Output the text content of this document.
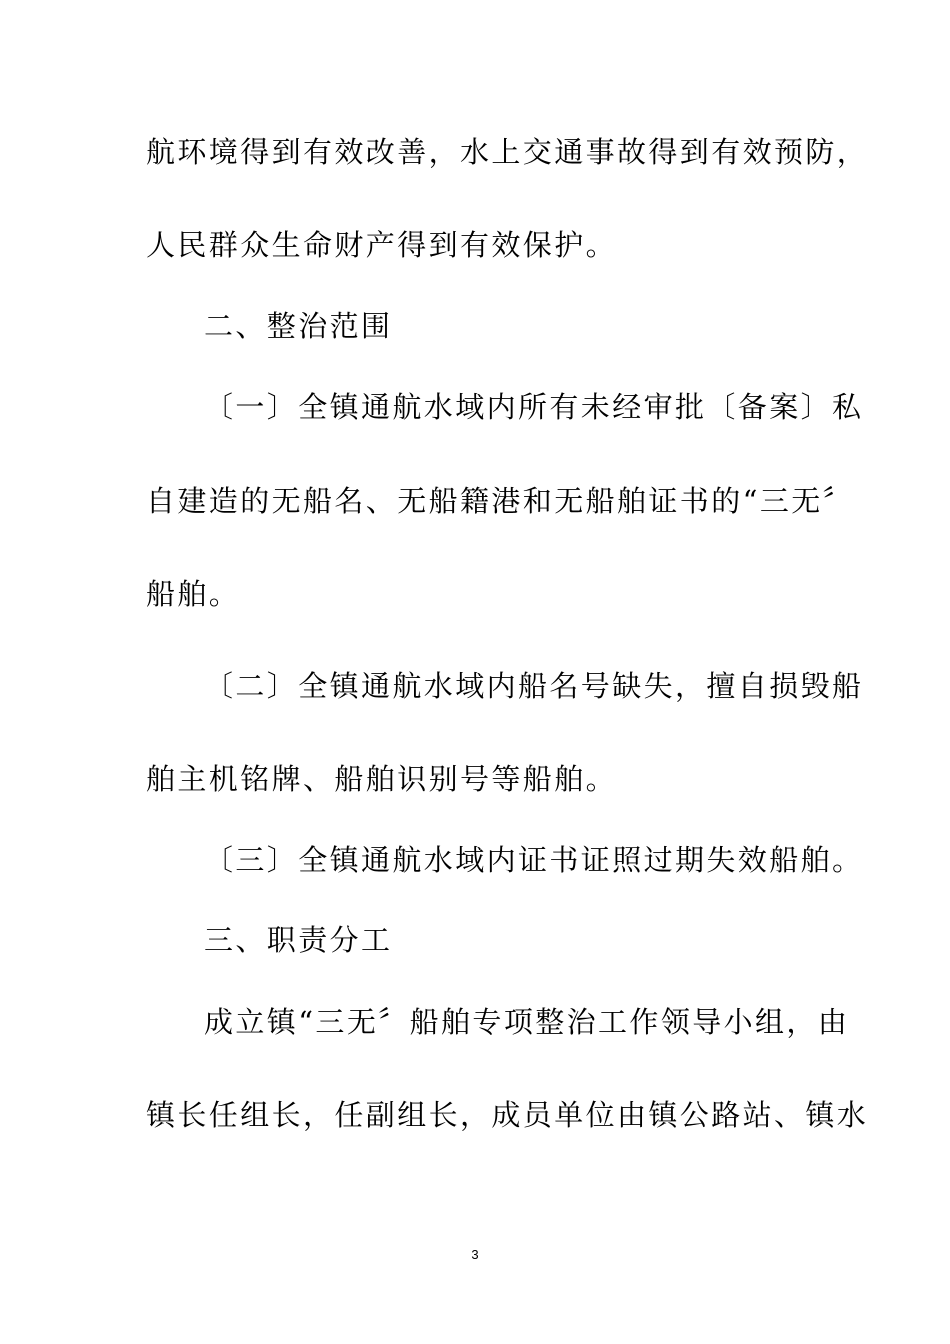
航环境得到有效改善，水上交通事故得到有效预防，
人民群众生命财产得到有效保护。
二、整治范围
〔一〕全镇通航水域内所有未经审批〔备案〕私
自建造的无船名、无船籍港和无船舶证书的“三无〞
船舶。
〔二〕全镇通航水域内船名号缺失，擅自损毁船
舶主机铭牌、船舶识别号等船舶。
〔三〕全镇通航水域内证书证照过期失效船舶。
三、职责分工
成立镇“三无〞船舶专项整治工作领导小组，由
镇长任组长，任副组长，成员单位由镇公路站、镇水
3
